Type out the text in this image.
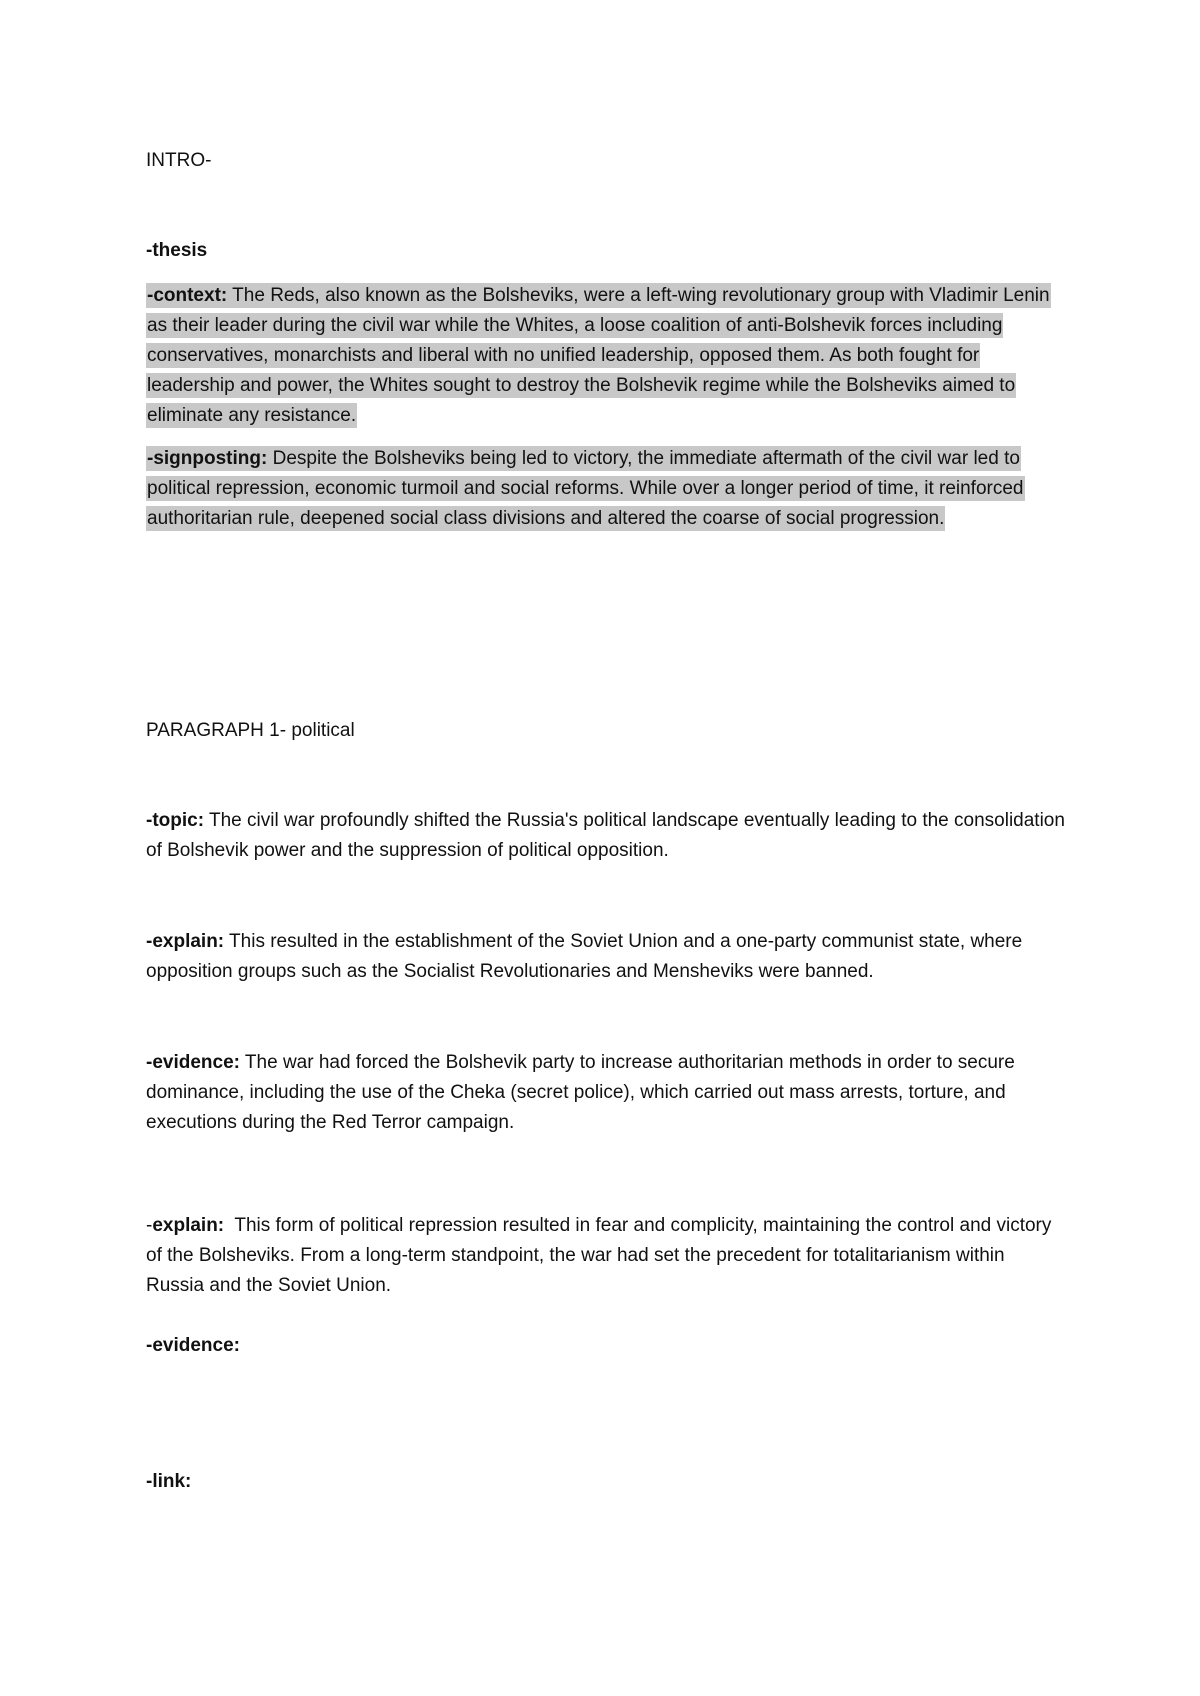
INTRO-

-thesis

-context: The Reds, also known as the Bolsheviks, were a left-wing revolutionary group with Vladimir Lenin as their leader during the civil war while the Whites, a loose coalition of anti-Bolshevik forces including conservatives, monarchists and liberal with no unified leadership, opposed them. As both fought for leadership and power, the Whites sought to destroy the Bolshevik regime while the Bolsheviks aimed to eliminate any resistance.

-signposting: Despite the Bolsheviks being led to victory, the immediate aftermath of the civil war led to political repression, economic turmoil and social reforms. While over a longer period of time, it reinforced authoritarian rule, deepened social class divisions and altered the coarse of social progression.

PARAGRAPH 1- political

-topic: The civil war profoundly shifted the Russia's political landscape eventually leading to the consolidation of Bolshevik power and the suppression of political opposition.

-explain: This resulted in the establishment of the Soviet Union and a one-party communist state, where opposition groups such as the Socialist Revolutionaries and Mensheviks were banned.

-evidence: The war had forced the Bolshevik party to increase authoritarian methods in order to secure dominance, including the use of the Cheka (secret police), which carried out mass arrests, torture, and executions during the Red Terror campaign.

-explain:  This form of political repression resulted in fear and complicity, maintaining the control and victory of the Bolsheviks. From a long-term standpoint, the war had set the precedent for totalitarianism within Russia and the Soviet Union.

-evidence:

-link:
